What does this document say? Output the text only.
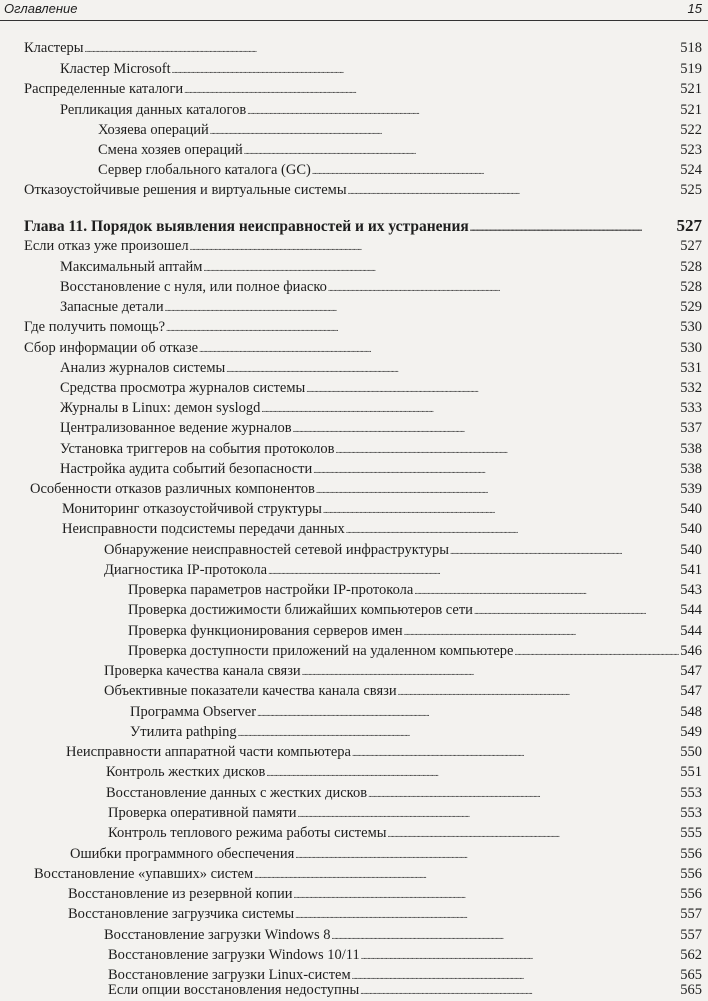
Оглавление	15
Кластеры . . .	518
Кластер Microsoft . . .	519
Распределенные каталоги . . .	521
Репликация данных каталогов . . .	521
Хозяева операций . . .	522
Смена хозяев операций . . .	523
Сервер глобального каталога (GC) . . .	524
Отказоустойчивые решения и виртуальные системы . . .	525
Глава 11. Порядок выявления неисправностей и их устранения . . .	527
Если отказ уже произошел . . .	527
Максимальный аптайм . . .	528
Восстановление с нуля, или полное фиаско . . .	528
Запасные детали . . .	529
Где получить помощь? . . .	530
Сбор информации об отказе . . .	530
Анализ журналов системы . . .	531
Средства просмотра журналов системы . . .	532
Журналы в Linux: демон syslogd . . .	533
Централизованное ведение журналов . . .	537
Установка триггеров на события протоколов . . .	538
Настройка аудита событий безопасности . . .	538
Особенности отказов различных компонентов . . .	539
Мониторинг отказоустойчивой структуры . . .	540
Неисправности подсистемы передачи данных . . .	540
Обнаружение неисправностей сетевой инфраструктуры . . .	540
Диагностика IP-протокола . . .	541
Проверка параметров настройки IP-протокола . . .	543
Проверка достижимости ближайших компьютеров сети . . .	544
Проверка функционирования серверов имен . . .	544
Проверка доступности приложений на удаленном компьютере . . .	546
Проверка качества канала связи . . .	547
Объективные показатели качества канала связи . . .	547
Программа Observer . . .	548
Утилита pathping . . .	549
Неисправности аппаратной части компьютера . . .	550
Контроль жестких дисков . . .	551
Восстановление данных с жестких дисков . . .	553
Проверка оперативной памяти . . .	553
Контроль теплового режима работы системы . . .	555
Ошибки программного обеспечения . . .	556
Восстановление «упавших» систем . . .	556
Восстановление из резервной копии . . .	556
Восстановление загрузчика системы . . .	557
Восстановление загрузки Windows 8 . . .	557
Восстановление загрузки Windows 10/11 . . .	562
Восстановление загрузки Linux-систем . . .	565
Если опции восстановления недоступны . . .	565
